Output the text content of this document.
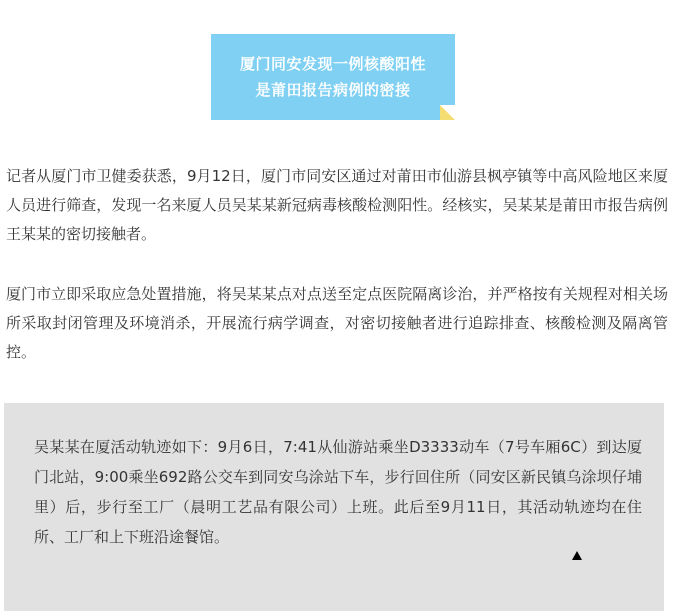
厦门同安发现一例核酸阳性
是莆田报告病例的密接

记者从厦门市卫健委获悉，9月12日，厦门市同安区通过对莆田市仙游县枫亭镇等中高风险地区来厦人员进行筛查，发现一名来厦人员吴某某新冠病毒核酸检测阳性。经核实，吴某某是莆田市报告病例王某某的密切接触者。

厦门市立即采取应急处置措施，将吴某某点对点送至定点医院隔离诊治，并严格按有关规程对相关场所采取封闭管理及环境消杀，开展流行病学调查，对密切接触者进行追踪排查、核酸检测及隔离管控。

吴某某在厦活动轨迹如下：9月6日，7:41从仙游站乘坐D3333动车（7号车厢6C）到达厦门北站，9:00乘坐692路公交车到同安乌涂站下车，步行回住所（同安区新民镇乌涂坝仔埔里）后，步行至工厂（晨明工艺品有限公司）上班。此后至9月11日，其活动轨迹均在住所、工厂和上下班沿途餐馆。
